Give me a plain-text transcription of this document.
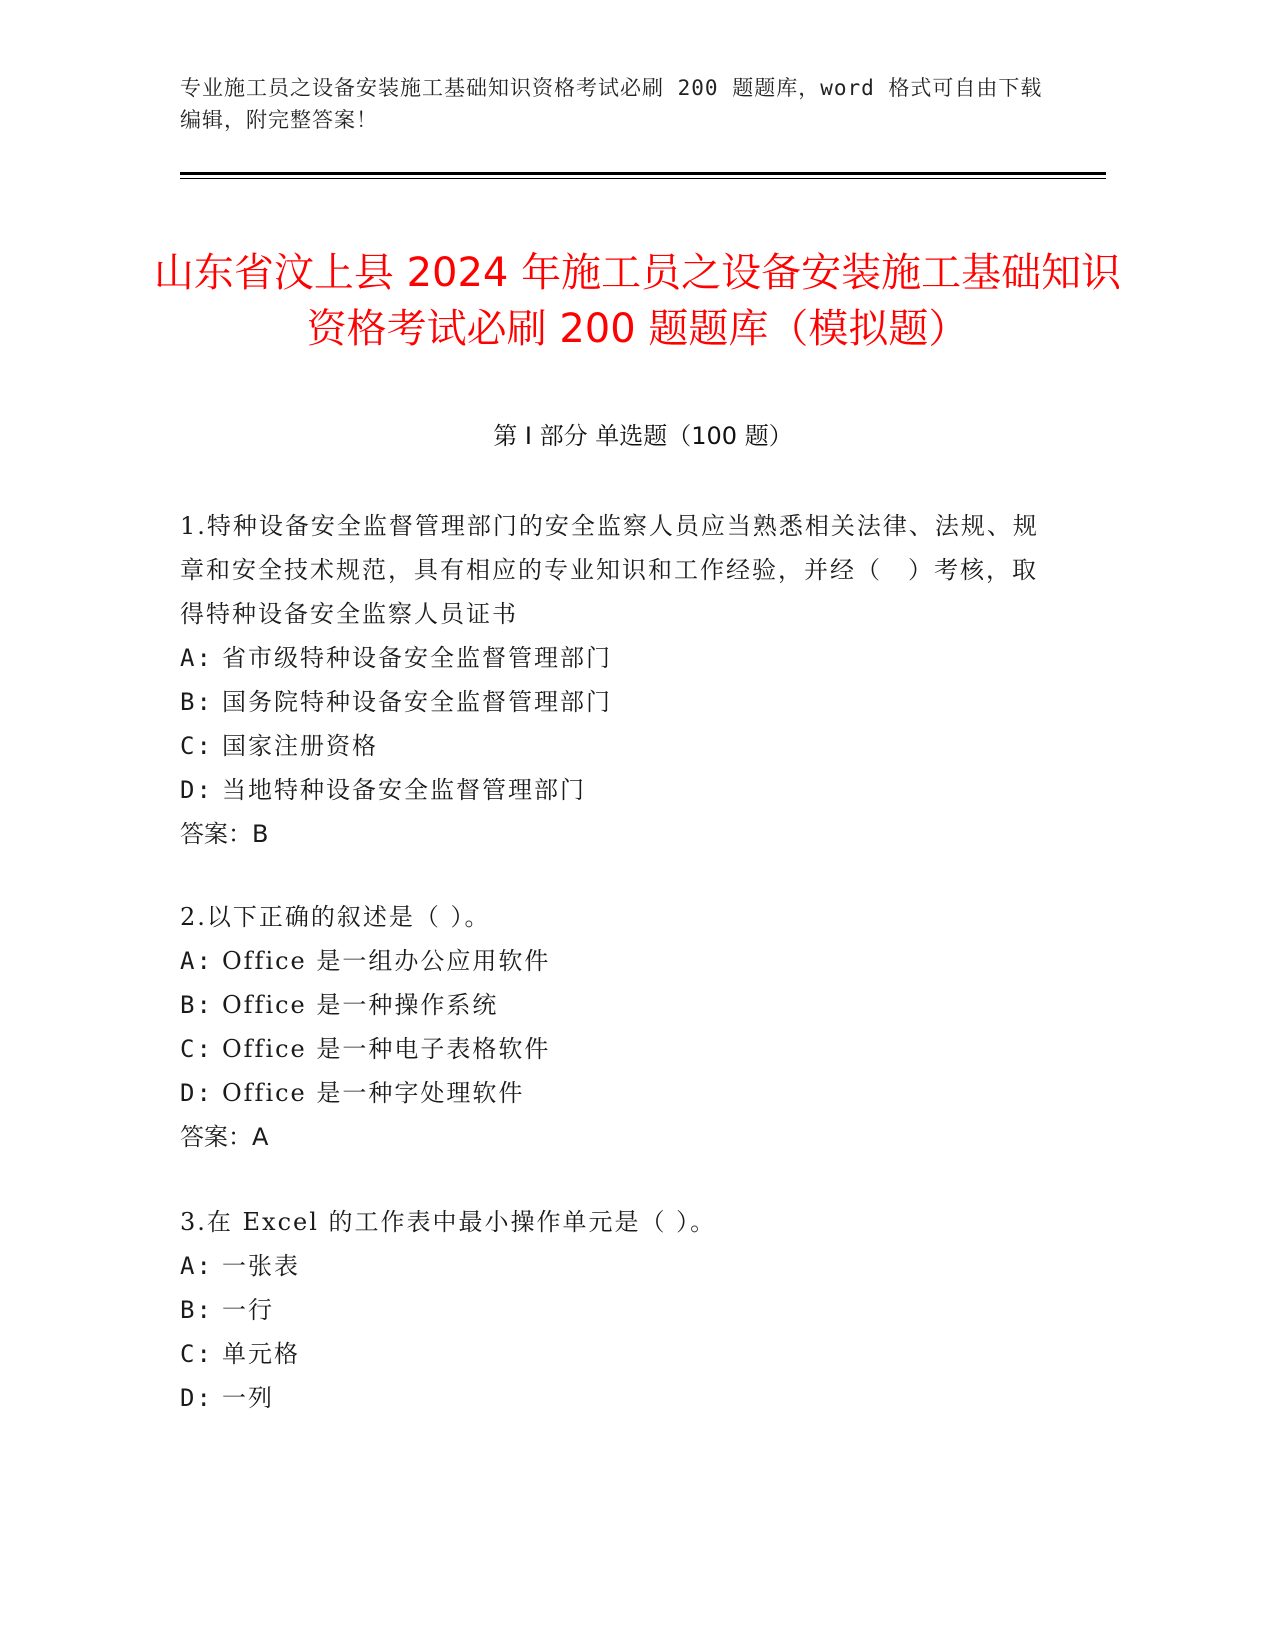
专业施工员之设备安装施工基础知识资格考试必刷 200 题题库，word 格式可自由下载编辑，附完整答案！
山东省汶上县 2024 年施工员之设备安装施工基础知识资格考试必刷 200 题题库（模拟题）
第 I 部分 单选题（100 题）

1.特种设备安全监督管理部门的安全监察人员应当熟悉相关法律、法规、规章和安全技术规范，具有相应的专业知识和工作经验，并经（　）考核，取得特种设备安全监察人员证书

A: 省市级特种设备安全监督管理部门

B: 国务院特种设备安全监督管理部门

C: 国家注册资格

D: 当地特种设备安全监督管理部门

答案：B

2.以下正确的叙述是（ ）。

A: Office 是一组办公应用软件

B: Office 是一种操作系统

C: Office 是一种电子表格软件

D: Office 是一种字处理软件

答案：A

3.在 Excel 的工作表中最小操作单元是（ ）。

A: 一张表

B: 一行

C: 单元格

D: 一列
